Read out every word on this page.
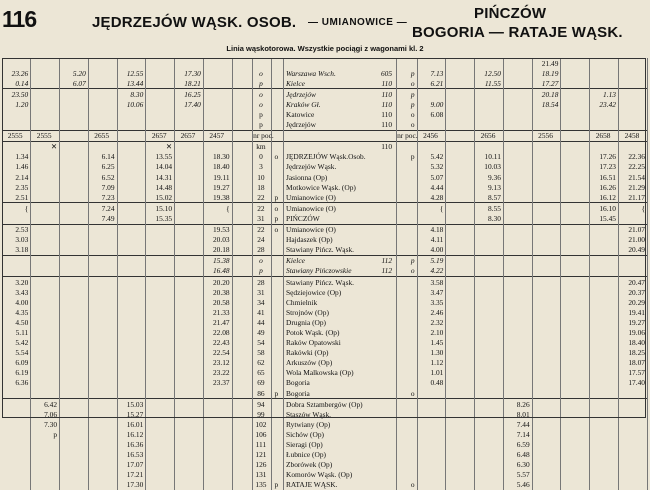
116	JĘDRZEJÓW WĄSK. OSOB. — UMIANOWICE —
PIŃCZÓW
BOGORIA — RATAJE WĄSK.
Linia wąskotorowa. Wszystkie pociągi z wagonami kl. 2

						21.49			
23.26		5.20		12.55		17.30			o		Warszawa Wsch. 605	p	7.13		12.50		18.19			
0.14		6.07		13.44		18.21			p		Kielce 110	o	6.21		11.55		17.27			
23.50				8.30		16.25			o		Jędrzejów 110	p					20.18		1.13	
1.20				10.06		17.40			o		Kraków Gł. 110	p	9.00				18.54		23.42	
									p		Katowice 110	o	6.08							
									p		Jędrzejów 110	o								
2555	2555		2655		2657	2657	2457		nr poc.			nr poc.	2456		2656		2556		2658	2458
	✕				✕				km		110									

1.34			6.14		13.55		18.30		0	o	JĘDRZEJÓW Wąsk.Osob.	p	5.42		10.11				17.26	22.36
1.46			6.25		14.04		18.40		3		Jędrzejów Wąsk.		5.32		10.03				17.23	22.25
2.14			6.52		14.31		19.11		10		Jasionna (Op)		5.07		9.36				16.51	21.54
2.35			7.09		14.48		19.27		18		Motkowice Wąsk. (Op)		4.44		9.13				16.26	21.29
2.51			7.23		15.02		19.38		22	p	Umianowice (O)		4.28		8.57				16.12	21.17
{			7.24		15.10		{		22	o	Umianowice (O)		{		8.55				16.10	{
			7.49		15.35				31	p	PIŃCZÓW				8.30				15.45	
2.53							19.53		22	o	Umianowice (O)		4.18							21.07
3.03							20.03		24		Hajdaszek (Op)		4.11							21.00
3.18							20.18		28		Stawiany Pińcz. Wąsk.		4.00							20.49
							15.38		o		Kielce 112	p	5.19							
							16.48		p		Stawiany Pińczowskie 112	o	4.22							
3.20							20.20		28		Stawiany Pińcz. Wąsk.		3.58							20.47
3.43							20.38		31		Sędziejowice (Op)		3.47							20.37
4.00							20.58		34		Chmielnik		3.35							20.29
4.35							21.33		41		Strojnów (Op)		2.46							19.41
4.50							21.47		44		Drugnia (Op)		2.32							19.27
5.11							22.08		49		Potok Wąsk. (Op)		2.10							19.06
5.42							22.43		54		Raków Opatowski		1.45							18.40
5.54							22.54		58		Rakówki (Op)		1.30							18.25
6.09							23.12		62		Arkuszów (Op)		1.12							18.07
6.19							23.22		65		Wola Malkowska (Op)		1.01							17.57
6.36							23.37		69		Bogoria		0.48							17.40
									86	p	Bogoria	o								
	6.42			15.03					94		Dobra Sztambergów (Op)					8.26				
	7.06			15.27					99		Staszów Wąsk.					8.01				
	7.30			16.01					102		Rytwiany (Op)					7.44				
	p			16.12					106		Sichów (Op)					7.14				
				16.36					111		Sieragi (Op)					6.59				
				16.53					121		Łubnice (Op)					6.48				
				17.07					126		Zborówek (Op)					6.30				
				17.21					131		Komorów Wąsk. (Op)					5.57				
				17.30					135	p	RATAJE WĄSK.	o				5.46				
